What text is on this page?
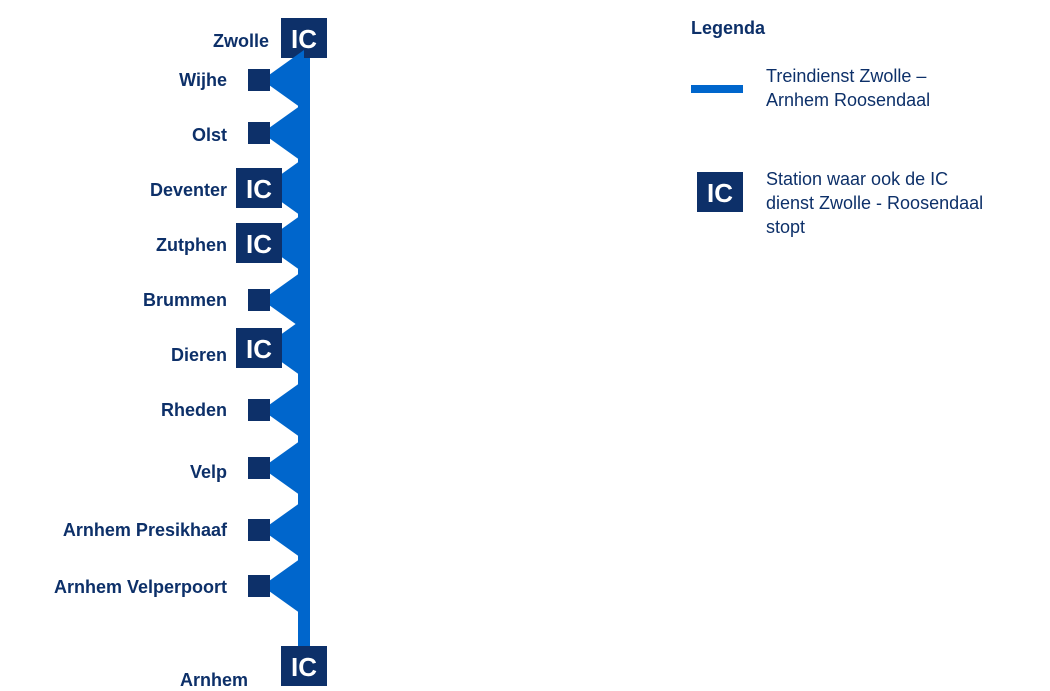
IC
Zwolle
Wijhe
Olst
IC
Deventer
IC
Zutphen
Brummen
IC
Dieren
Rheden
Velp
Arnhem Presikhaaf
Arnhem Velperpoort
IC
Arnhem
IC
Legenda
Treindienst Zwolle –
Arnhem Roosendaal
Station waar ook de IC
dienst Zwolle - Roosendaal
stopt
